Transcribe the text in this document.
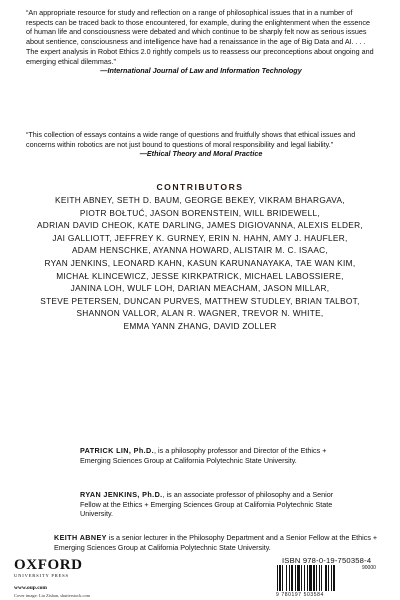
“An appropriate resource for study and reflection on a range of philosophical issues that in a number of respects can be traced back to those encountered, for example, during the enlightenment when the essence of human life and consciousness were debated and which continue to be sharply felt now as serious issues about sentience, consciousness and intelligence have had a renaissance in the age of Big Data and AI. . . . The expert analysis in Robot Ethics 2.0 rightly compels us to reassess our preconceptions about ongoing and emerging ethical dilemmas.”
—International Journal of Law and Information Technology
“This collection of essays contains a wide range of questions and fruitfully shows that ethical issues and concerns within robotics are not just bound to questions of moral responsibility and legal liability.”
—Ethical Theory and Moral Practice
CONTRIBUTORS
KEITH ABNEY, SETH D. BAUM, GEORGE BEKEY, VIKRAM BHARGAVA,
PIOTR BOŁTUĆ, JASON BORENSTEIN, WILL BRIDEWELL,
ADRIAN DAVID CHEOK, KATE DARLING, JAMES DIGIOVANNA, ALEXIS ELDER,
JAI GALLIOTT, JEFFREY K. GURNEY, ERIN N. HAHN, AMY J. HAUFLER,
ADAM HENSCHKE, AYANNA HOWARD, ALISTAIR M. C. ISAAC,
RYAN JENKINS, LEONARD KAHN, KASUN KARUNANAYAKA, TAE WAN KIM,
MICHAŁ KLINCEWICZ, JESSE KIRKPATRICK, MICHAEL LABOSSIERE,
JANINA LOH, WULF LOH, DARIAN MEACHAM, JASON MILLAR,
STEVE PETERSEN, DUNCAN PURVES, MATTHEW STUDLEY, BRIAN TALBOT,
SHANNON VALLOR, ALAN R. WAGNER, TREVOR N. WHITE,
EMMA YANN ZHANG, DAVID ZOLLER
PATRICK LIN, Ph.D., is a philosophy professor and Director of the Ethics + Emerging Sciences Group at California Polytechnic State University.
RYAN JENKINS, Ph.D., is an associate professor of philosophy and a Senior Fellow at the Ethics + Emerging Sciences Group at California Polytechnic State University.
KEITH ABNEY is a senior lecturer in the Philosophy Department and a Senior Fellow at the Ethics + Emerging Sciences Group at California Polytechnic State University.
OXFORD
UNIVERSITY PRESS
www.oup.com
Cover image: Liu Zishan, shutterstock.com
ISBN 978-0-19-750358-4
90000
9 780197 503584
